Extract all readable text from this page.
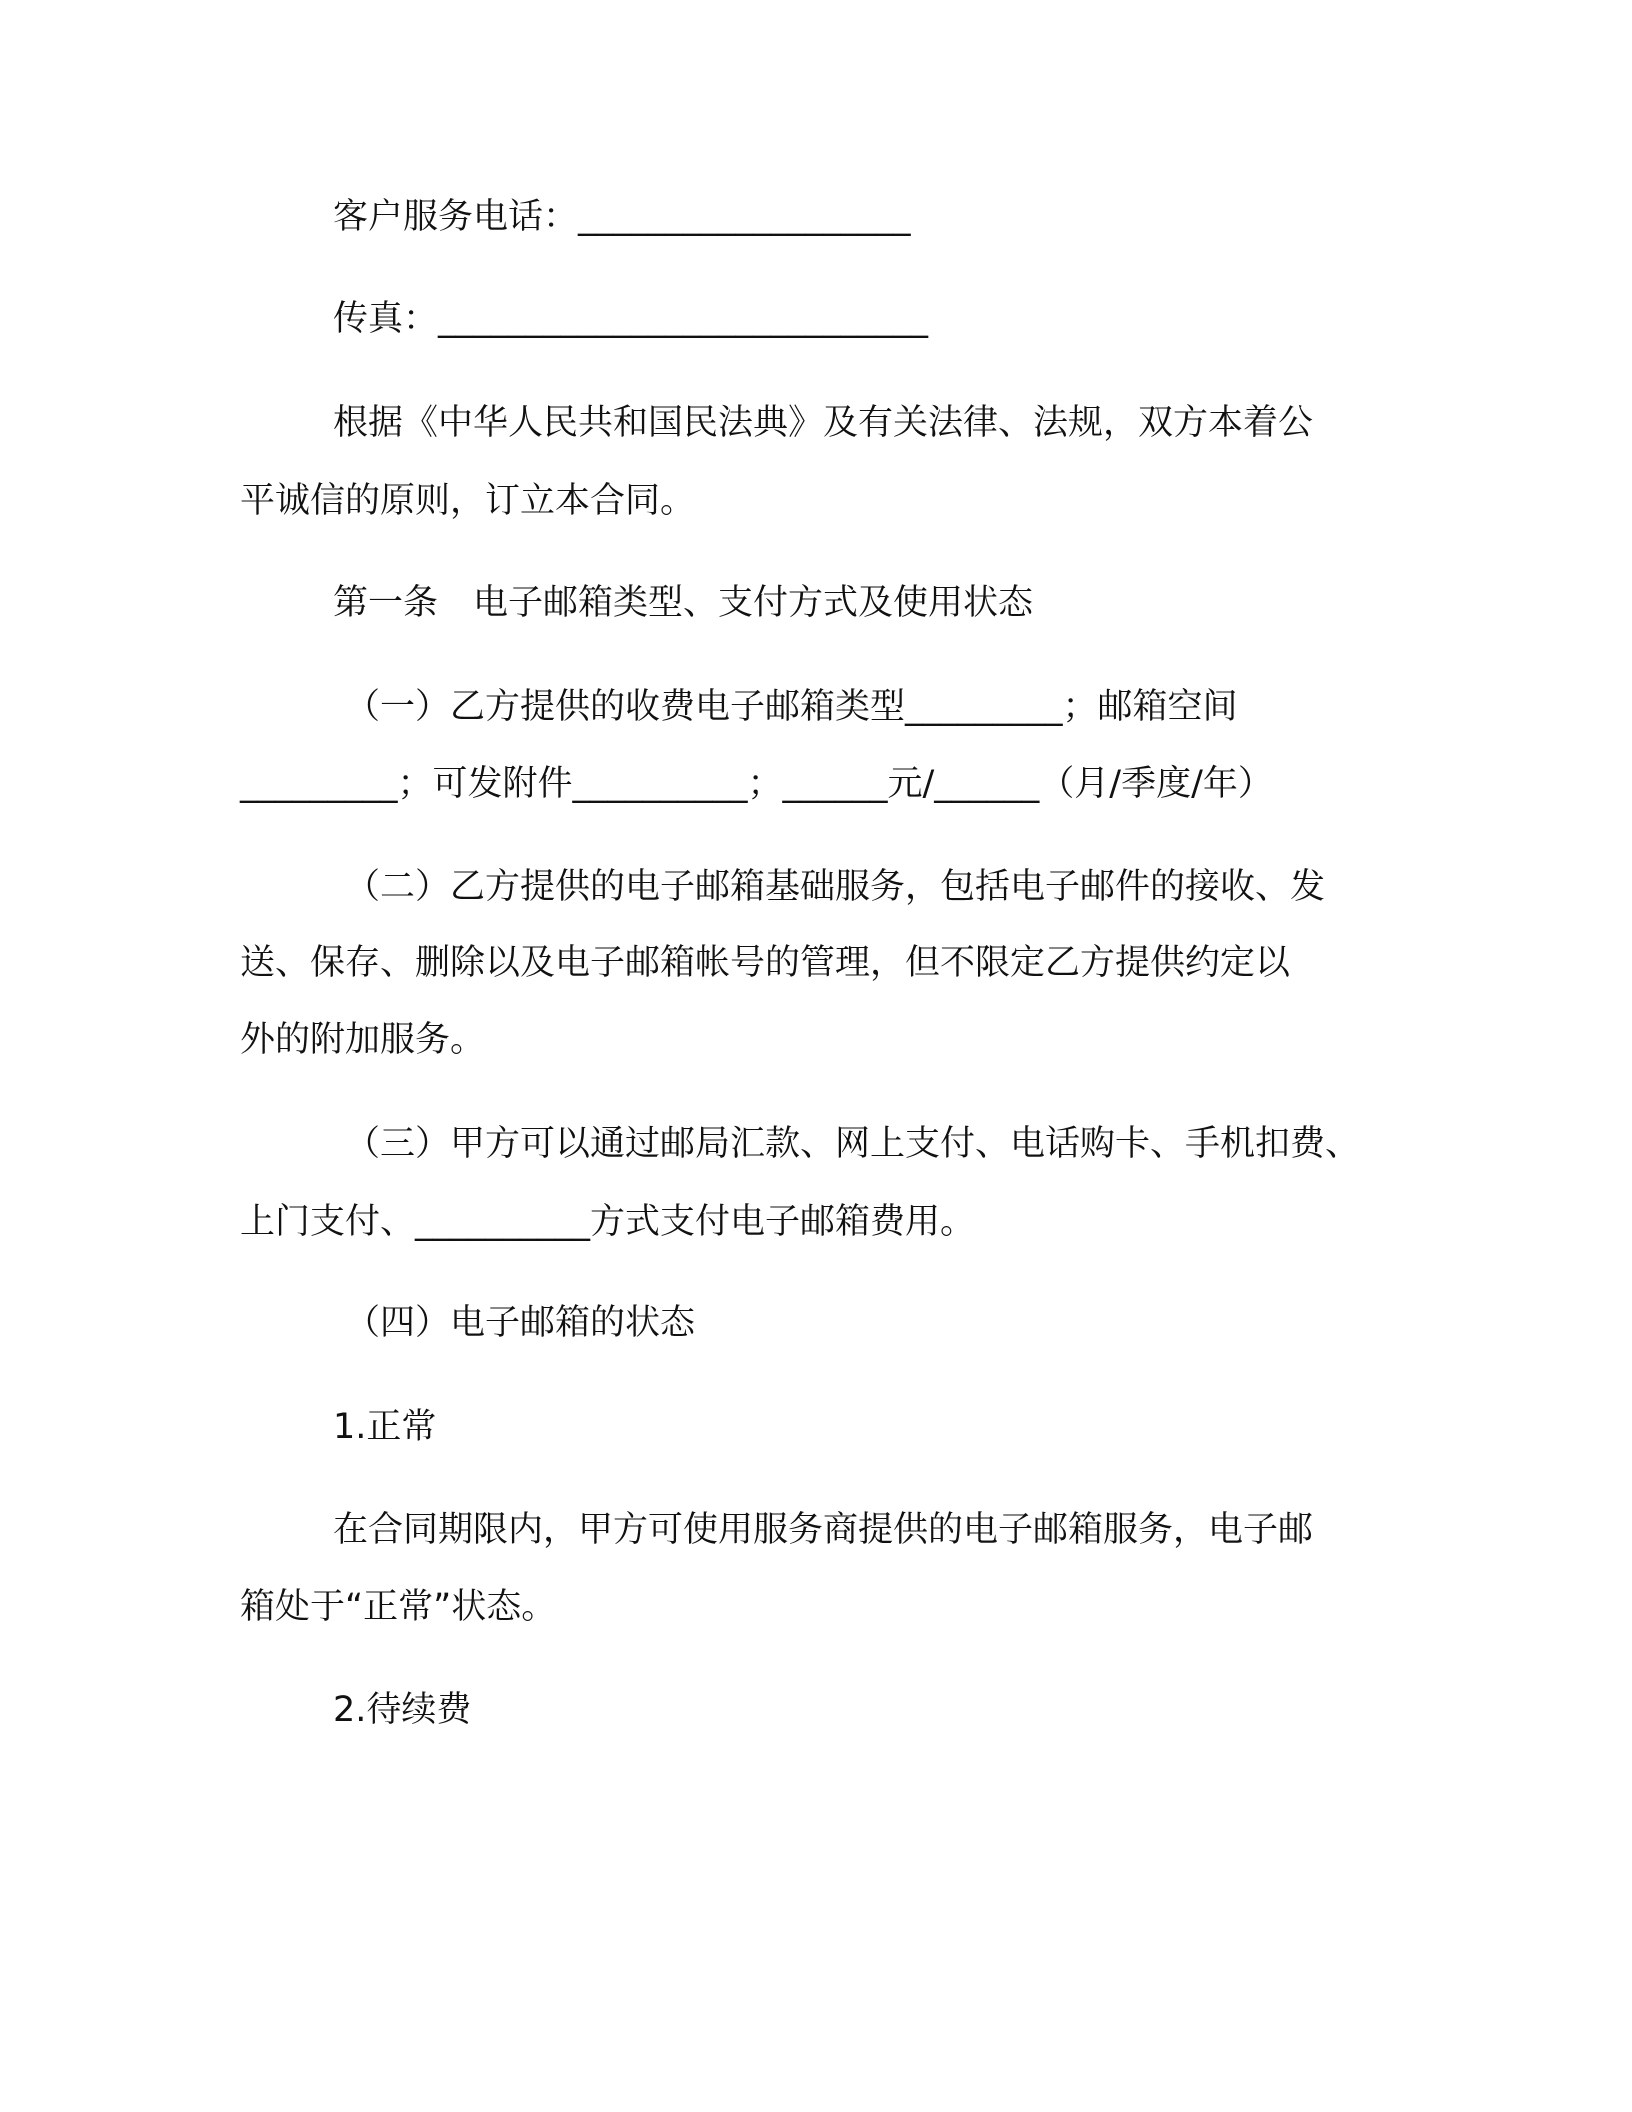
客户服务电话：___________________
传真：____________________________
根据《中华人民共和国民法典》及有关法律、法规，双方本着公
平诚信的原则，订立本合同。
第一条　电子邮箱类型、支付方式及使用状态
（一）乙方提供的收费电子邮箱类型_________；邮箱空间
_________；可发附件__________；______元/______（月/季度/年）
（二）乙方提供的电子邮箱基础服务，包括电子邮件的接收、发
送、保存、删除以及电子邮箱帐号的管理，但不限定乙方提供约定以
外的附加服务。
（三）甲方可以通过邮局汇款、网上支付、电话购卡、手机扣费、
上门支付、__________方式支付电子邮箱费用。
（四）电子邮箱的状态
1.正常
在合同期限内，甲方可使用服务商提供的电子邮箱服务，电子邮
箱处于“正常”状态。
2.待续费
